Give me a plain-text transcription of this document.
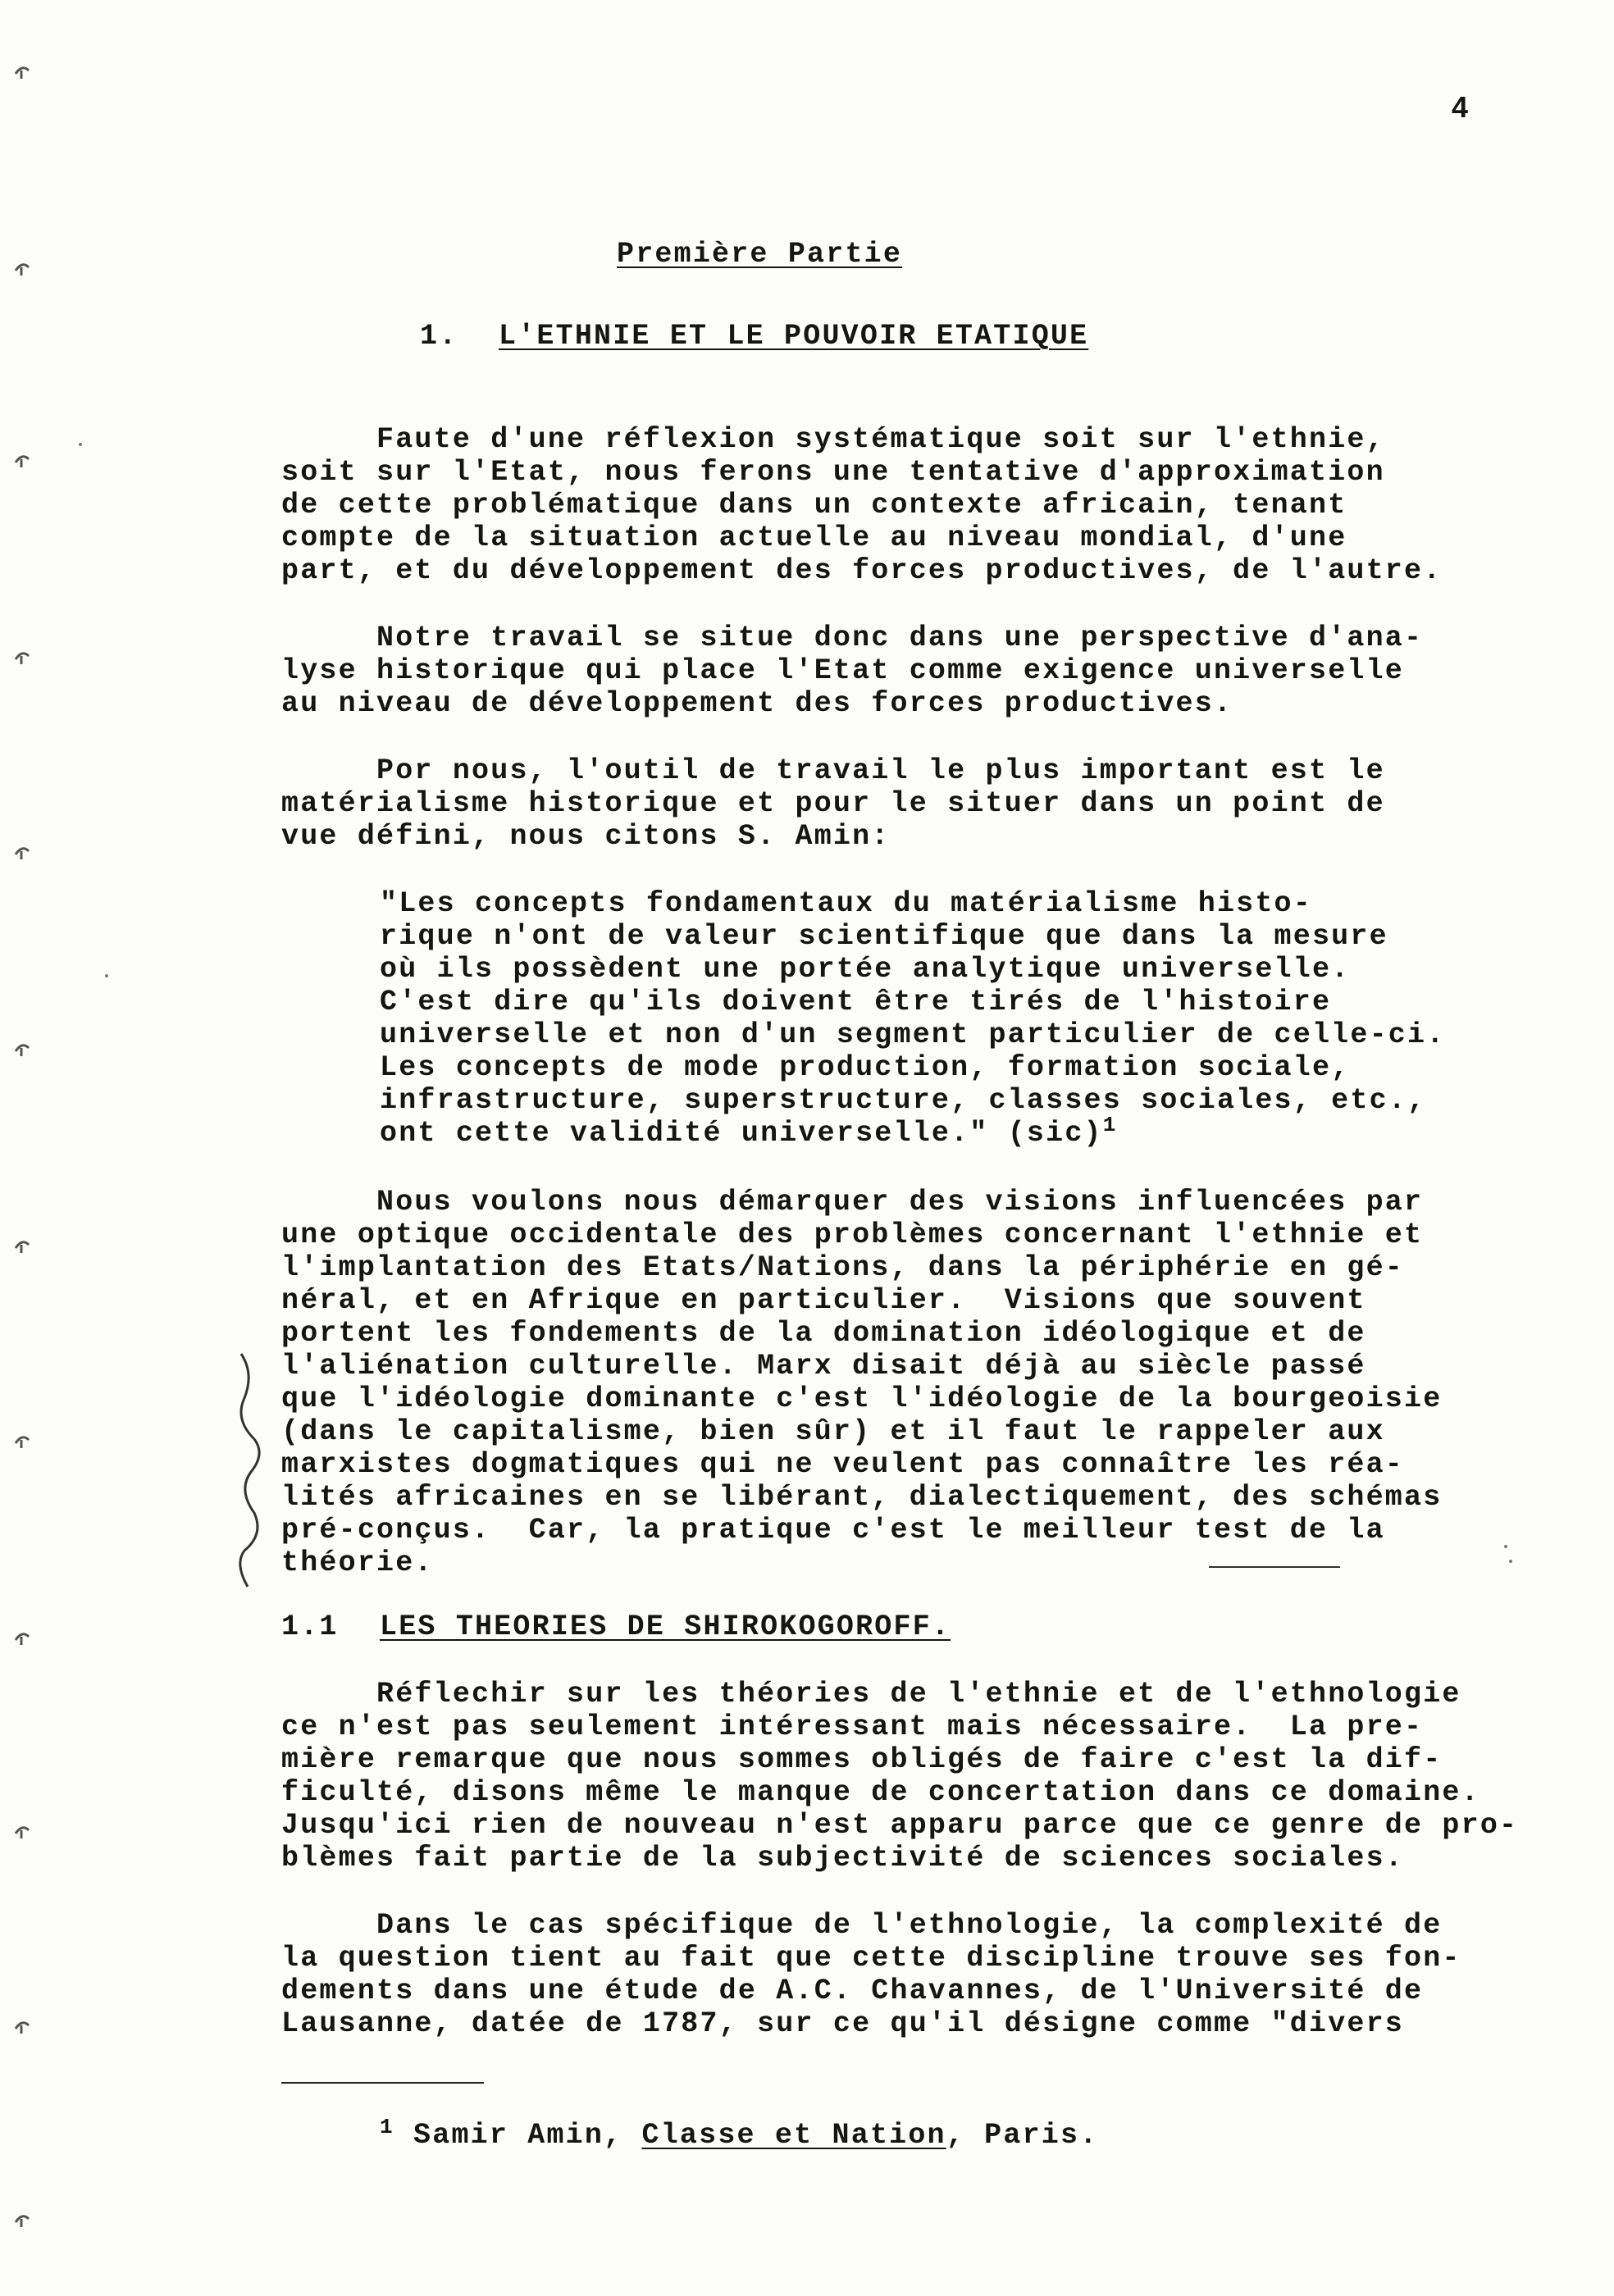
4
Première Partie
1. L'ETHNIE ET LE POUVOIR ETATIQUE
Faute d'une réflexion systématique soit sur l'ethnie,
soit sur l'Etat, nous ferons une tentative d'approximation
de cette problématique dans un contexte africain, tenant
compte de la situation actuelle au niveau mondial, d'une
part, et du développement des forces productives, de l'autre.
Notre travail se situe donc dans une perspective d'ana-
lyse historique qui place l'Etat comme exigence universelle
au niveau de développement des forces productives.
Por nous, l'outil de travail le plus important est le
matérialisme historique et pour le situer dans un point de
vue défini, nous citons S. Amin:
"Les concepts fondamentaux du matérialisme histo-
rique n'ont de valeur scientifique que dans la mesure
où ils possèdent une portée analytique universelle.
C'est dire qu'ils doivent être tirés de l'histoire
universelle et non d'un segment particulier de celle-ci.
Les concepts de mode production, formation sociale,
infrastructure, superstructure, classes sociales, etc.,
ont cette validité universelle." (sic)$^1$
Nous voulons nous démarquer des visions influencées par
une optique occidentale des problèmes concernant l'ethnie et
l'implantation des Etats/Nations, dans la périphérie en gé-
néral, et en Afrique en particulier.  Visions que souvent
portent les fondements de la domination idéologique et de
l'aliénation culturelle. Marx disait déjà au siècle passé
que l'idéologie dominante c'est l'idéologie de la bourgeoisie
(dans le capitalisme, bien sûr) et il faut le rappeler aux
marxistes dogmatiques qui ne veulent pas connaître les réa-
lités africaines en se libérant, dialectiquement, des schémas
pré-conçus.  Car, la pratique c'est le meilleur test de la
théorie.
1.1 LES THEORIES DE SHIROKOGOROFF.
Réflechir sur les théories de l'ethnie et de l'ethnologie
ce n'est pas seulement intéressant mais nécessaire.  La pre-
mière remarque que nous sommes obligés de faire c'est la dif-
ficulté, disons même le manque de concertation dans ce domaine.
Jusqu'ici rien de nouveau n'est apparu parce que ce genre de pro-
blèmes fait partie de la subjectivité de sciences sociales.
Dans le cas spécifique de l'ethnologie, la complexité de
la question tient au fait que cette discipline trouve ses fon-
dements dans une étude de A.C. Chavannes, de l'Université de
Lausanne, datée de 1787, sur ce qu'il désigne comme "divers
$^1$ Samir Amin, Classe et Nation, Paris.
